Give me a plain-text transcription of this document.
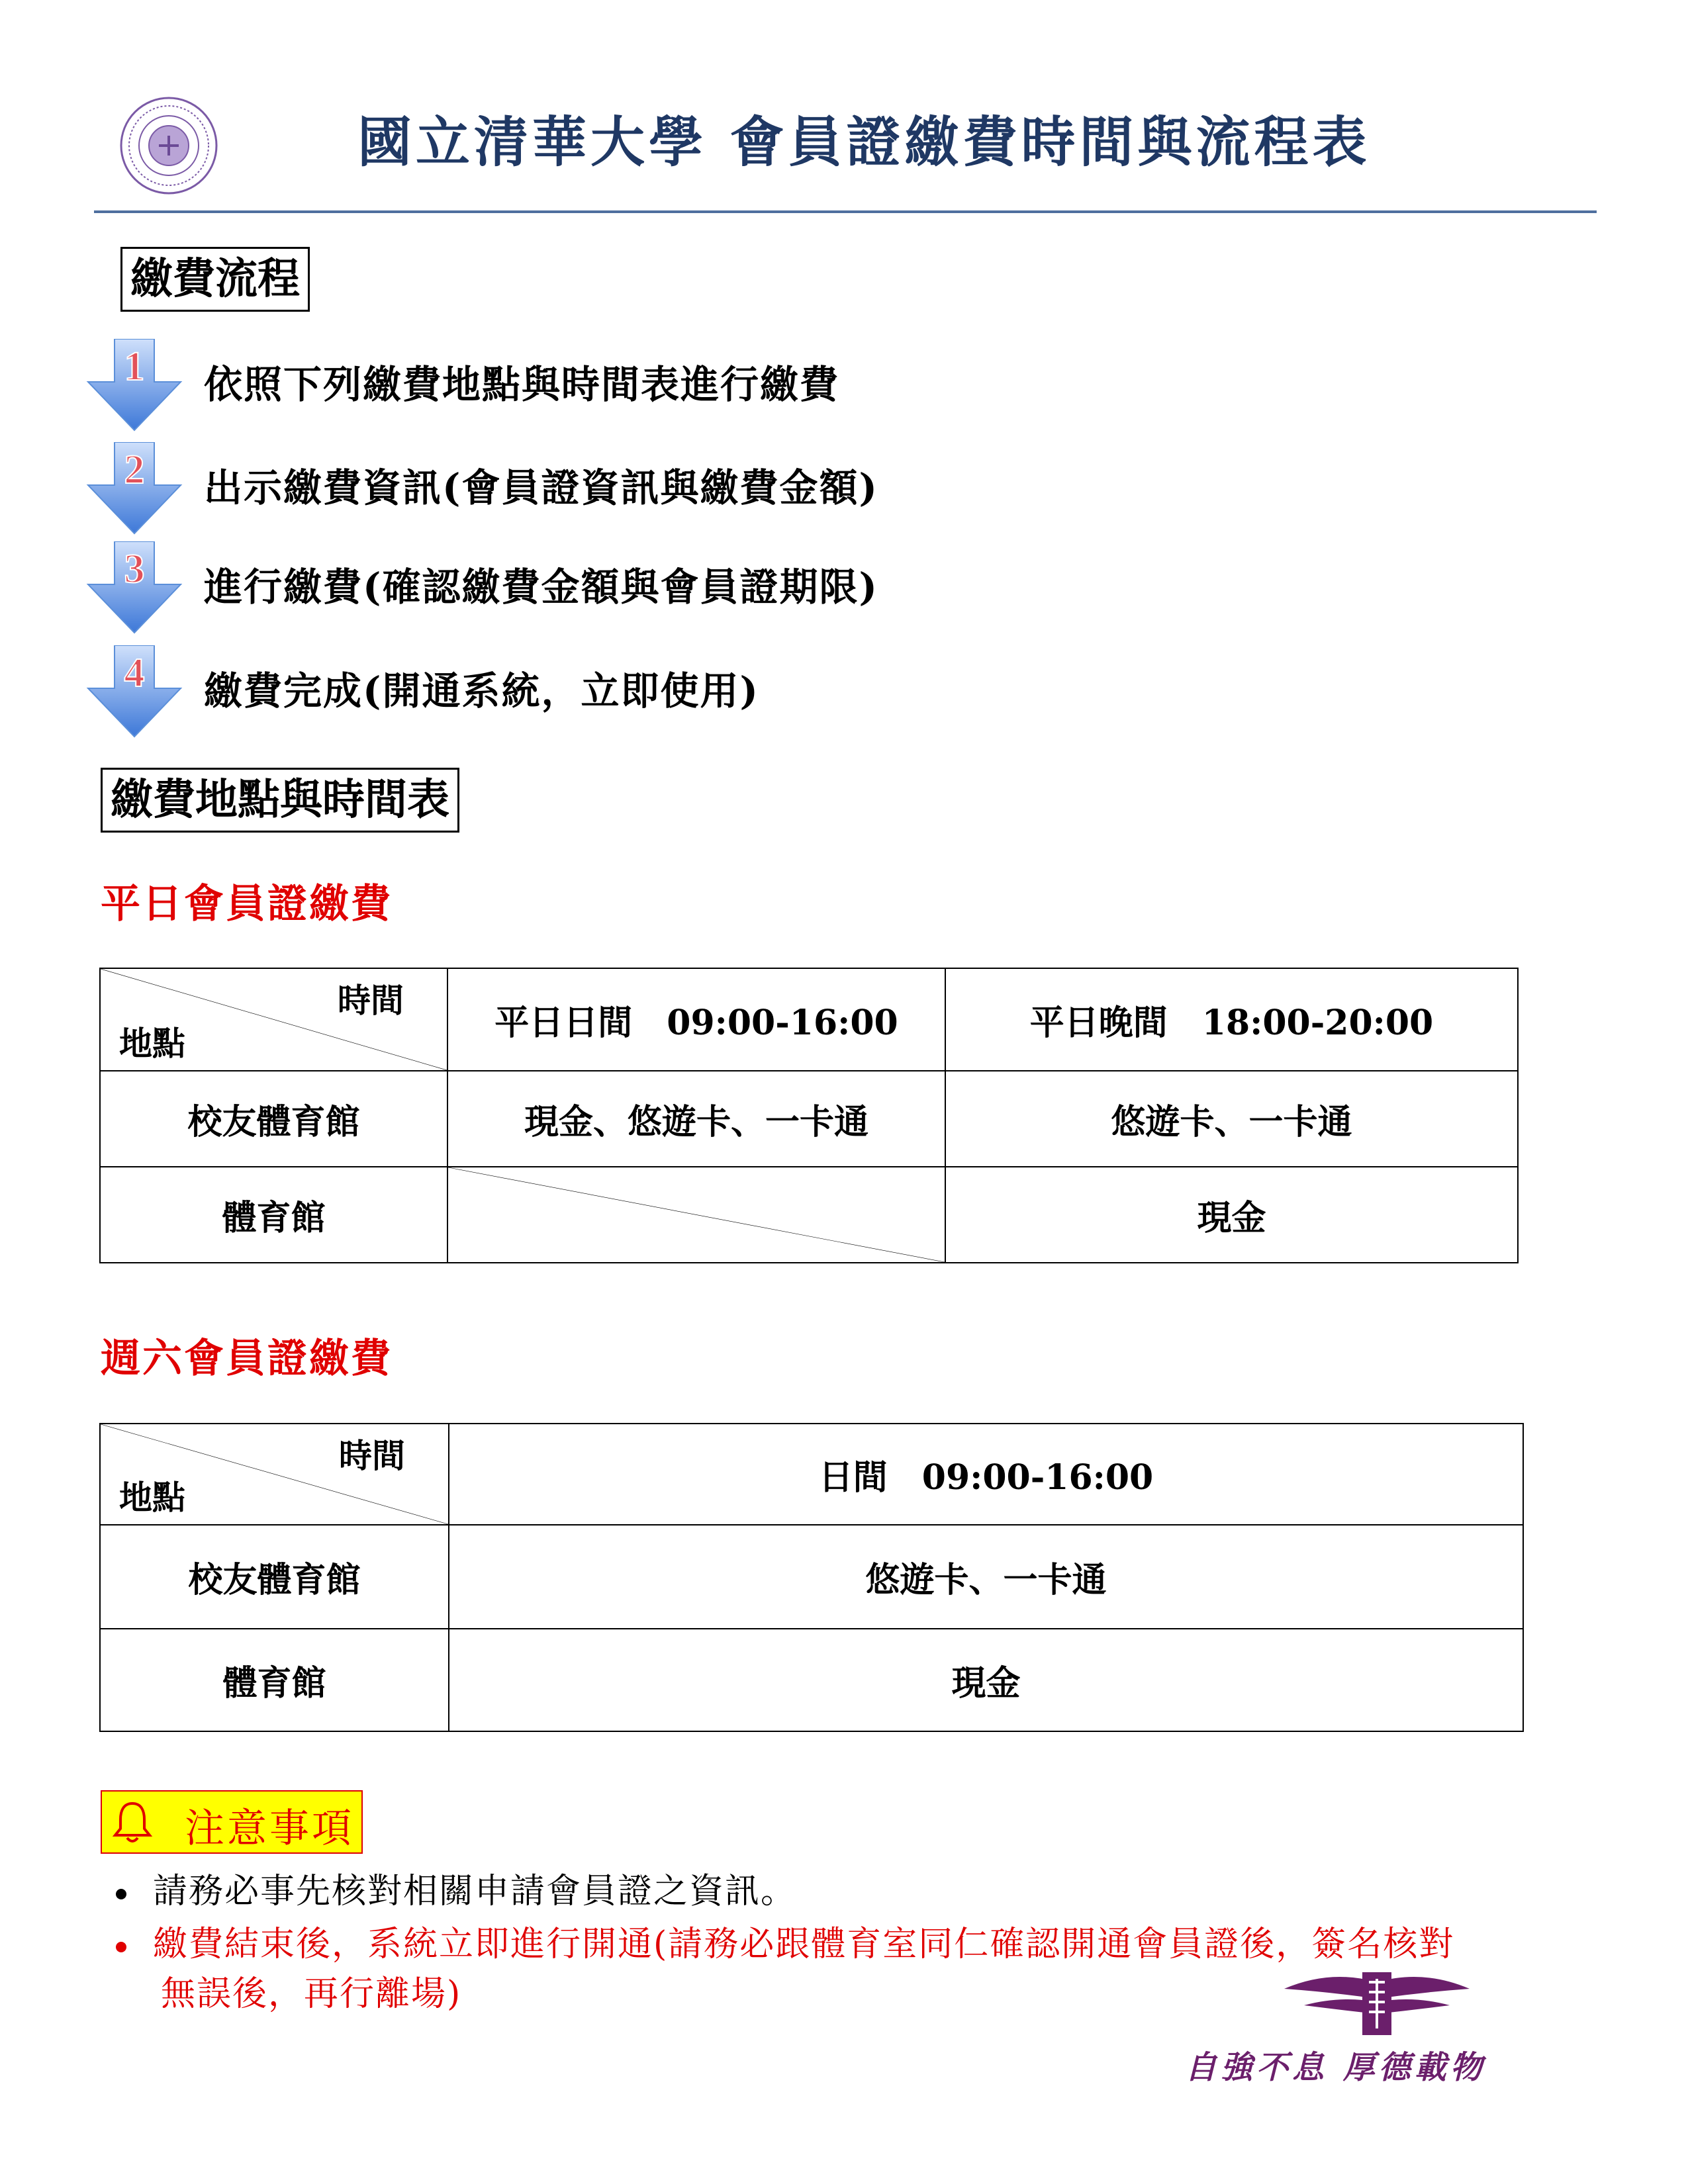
國立清華大學 會員證繳費時間與流程表
繳費流程
1 依照下列繳費地點與時間表進行繳費
2 出示繳費資訊(會員證資訊與繳費金額)
3 進行繳費(確認繳費金額與會員證期限)
4 繳費完成(開通系統，立即使用)
繳費地點與時間表
平日會員證繳費
時間
地點	平日日間　09:00-16:00	平日晚間　18:00-20:00
校友體育館	現金、悠遊卡、一卡通	悠遊卡、一卡通
體育館		現金
週六會員證繳費
時間
地點	日間　09:00-16:00
校友體育館	悠遊卡、一卡通
體育館	現金
注意事項
請務必事先核對相關申請會員證之資訊。
繳費結束後，系統立即進行開通(請務必跟體育室同仁確認開通會員證後，簽名核對
無誤後，再行離場)
自強不息 厚德載物
